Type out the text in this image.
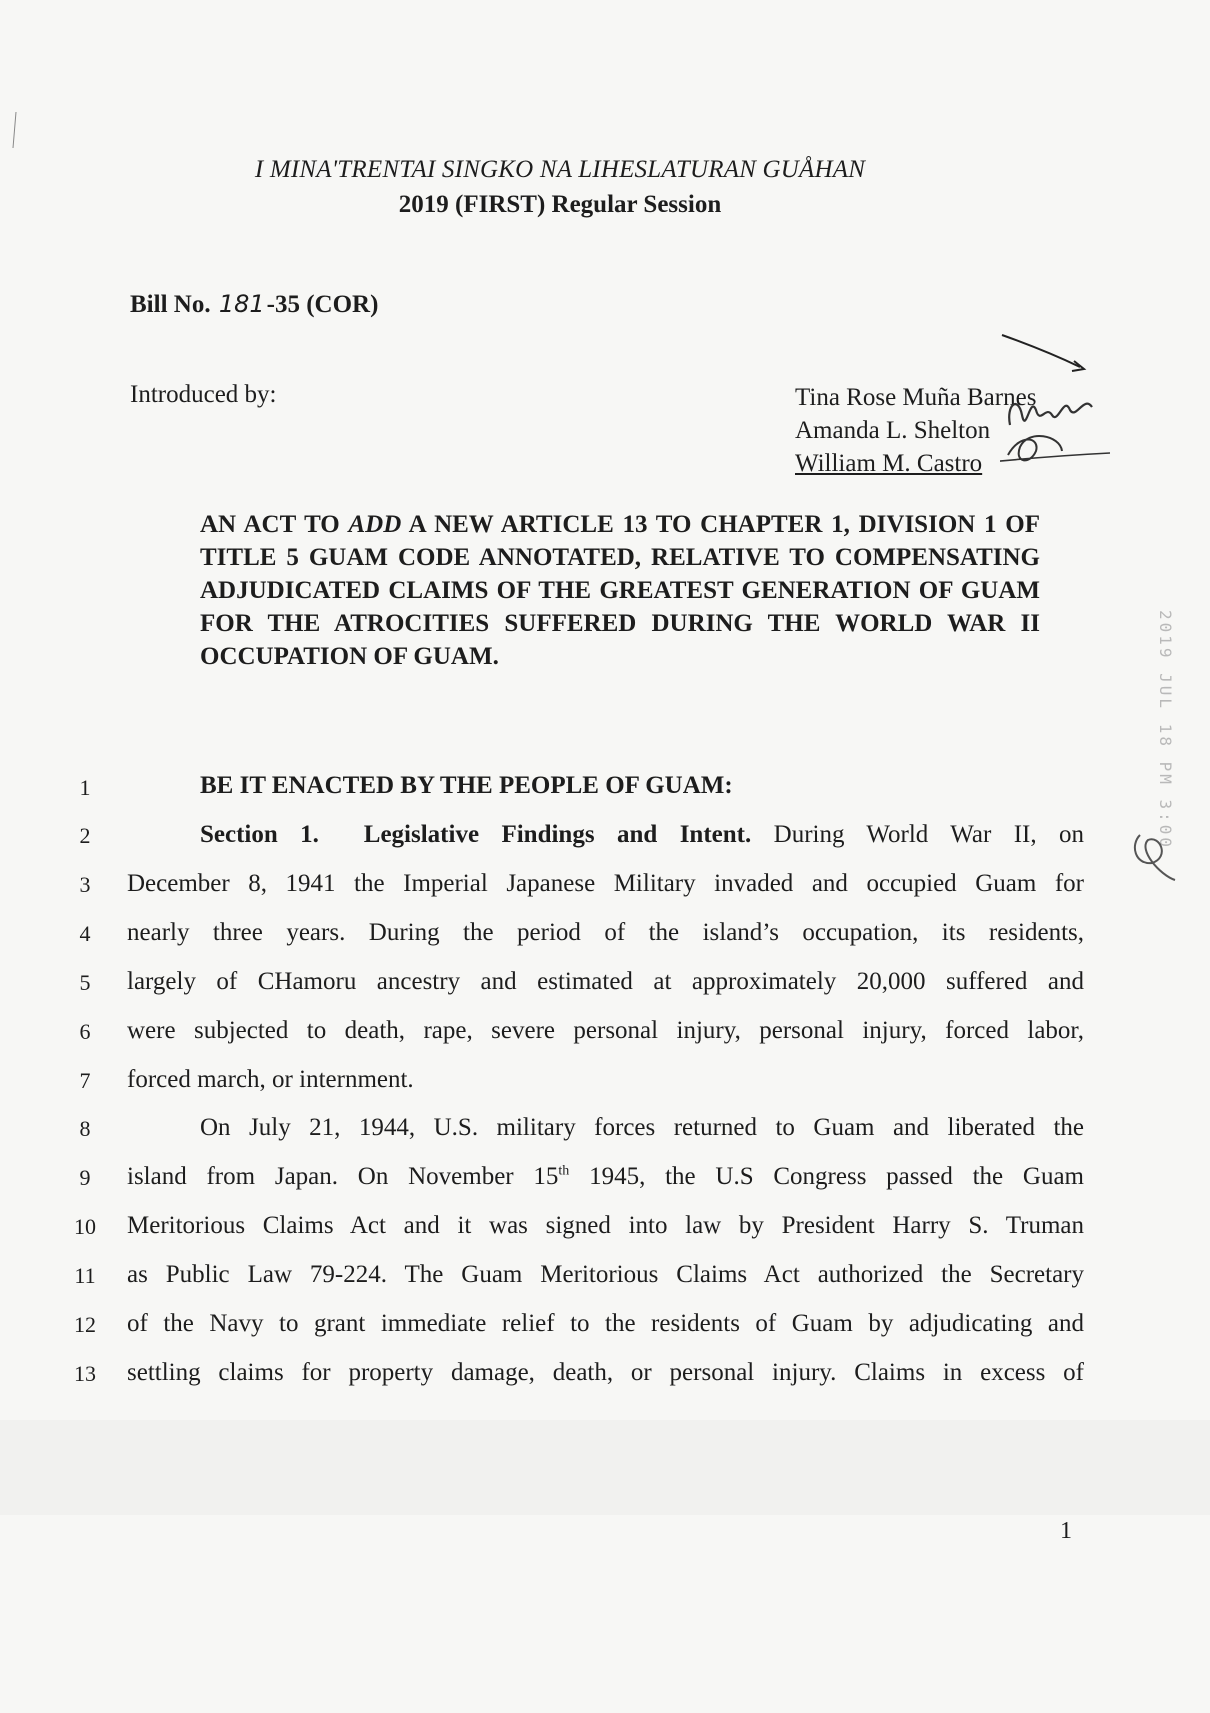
I MINA'TRENTAI SINGKO NA LIHESLATURAN GUÅHAN
2019 (FIRST) Regular Session
Bill No. 181-35 (COR)
Introduced by:	Tina Rose Muña Barnes
Amanda L. Shelton
William M. Castro
AN ACT TO ADD A NEW ARTICLE 13 TO CHAPTER 1, DIVISION 1 OF TITLE 5 GUAM CODE ANNOTATED, RELATIVE TO COMPENSATING ADJUDICATED CLAIMS OF THE GREATEST GENERATION OF GUAM FOR THE ATROCITIES SUFFERED DURING THE WORLD WAR II OCCUPATION OF GUAM.
1
2
3
4
5
6
7
8
9
10
11
12
13
BE IT ENACTED BY THE PEOPLE OF GUAM:
Section 1. Legislative Findings and Intent. During World War II, on
December 8, 1941 the Imperial Japanese Military invaded and occupied Guam for
nearly three years. During the period of the island’s occupation, its residents,
largely of CHamoru ancestry and estimated at approximately 20,000 suffered and
were subjected to death, rape, severe personal injury, personal injury, forced labor,
forced march, or internment.
On July 21, 1944, U.S. military forces returned to Guam and liberated the
island from Japan. On November 15th 1945, the U.S Congress passed the Guam
Meritorious Claims Act and it was signed into law by President Harry S. Truman
as Public Law 79-224. The Guam Meritorious Claims Act authorized the Secretary
of the Navy to grant immediate relief to the residents of Guam by adjudicating and
settling claims for property damage, death, or personal injury. Claims in excess of
2019 JUL 18 PM 3:00
1
